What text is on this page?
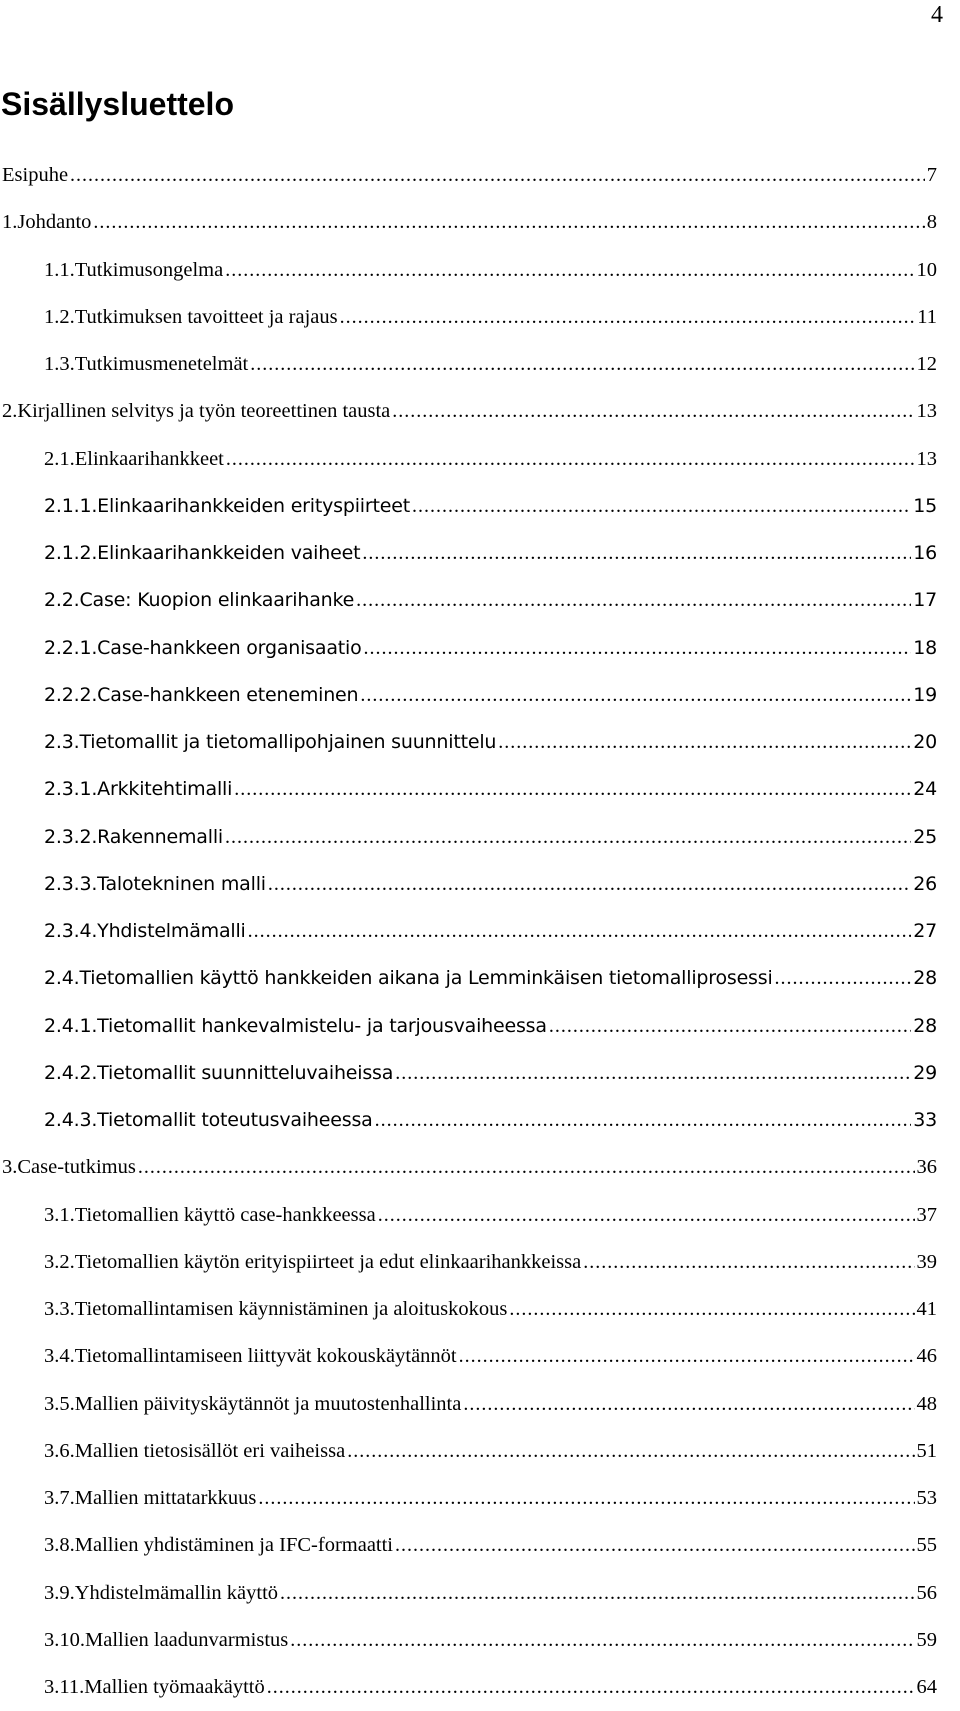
4
Sisällysluettelo
Esipuhe .....	7
1.Johdanto .....	8
1.1.Tutkimusongelma .....	10
1.2.Tutkimuksen tavoitteet ja rajaus .....	11
1.3.Tutkimusmenetelmät .....	12
2.Kirjallinen selvitys ja työn teoreettinen tausta .....	13
2.1.Elinkaarihankkeet .....	13
2.1.1.Elinkaarihankkeiden erityspiirteet .....	15
2.1.2.Elinkaarihankkeiden vaiheet .....	16
2.2.Case: Kuopion elinkaarihanke .....	17
2.2.1.Case-hankkeen organisaatio .....	18
2.2.2.Case-hankkeen eteneminen .....	19
2.3.Tietomallit ja tietomallipohjainen suunnittelu .....	20
2.3.1.Arkkitehtimalli .....	24
2.3.2.Rakennemalli .....	25
2.3.3.Talotekninen malli .....	26
2.3.4.Yhdistelmämalli .....	27
2.4.Tietomallien käyttö hankkeiden aikana ja Lemminkäisen tietomalliprosessi .....	28
2.4.1.Tietomallit hankevalmistelu- ja tarjousvaiheessa .....	28
2.4.2.Tietomallit suunnitteluvaiheissa .....	29
2.4.3.Tietomallit toteutusvaiheessa .....	33
3.Case-tutkimus .....	36
3.1.Tietomallien käyttö case-hankkeessa .....	37
3.2.Tietomallien käytön erityispiirteet ja edut elinkaarihankkeissa .....	39
3.3.Tietomallintamisen käynnistäminen ja aloituskokous .....	41
3.4.Tietomallintamiseen liittyvät kokouskäytännöt .....	46
3.5.Mallien päivityskäytännöt ja muutostenhallinta .....	48
3.6.Mallien tietosisällöt eri vaiheissa .....	51
3.7.Mallien mittatarkkuus .....	53
3.8.Mallien yhdistäminen ja IFC-formaatti .....	55
3.9.Yhdistelmämallin käyttö .....	56
3.10.Mallien laadunvarmistus .....	59
3.11.Mallien työmaakäyttö .....	64
